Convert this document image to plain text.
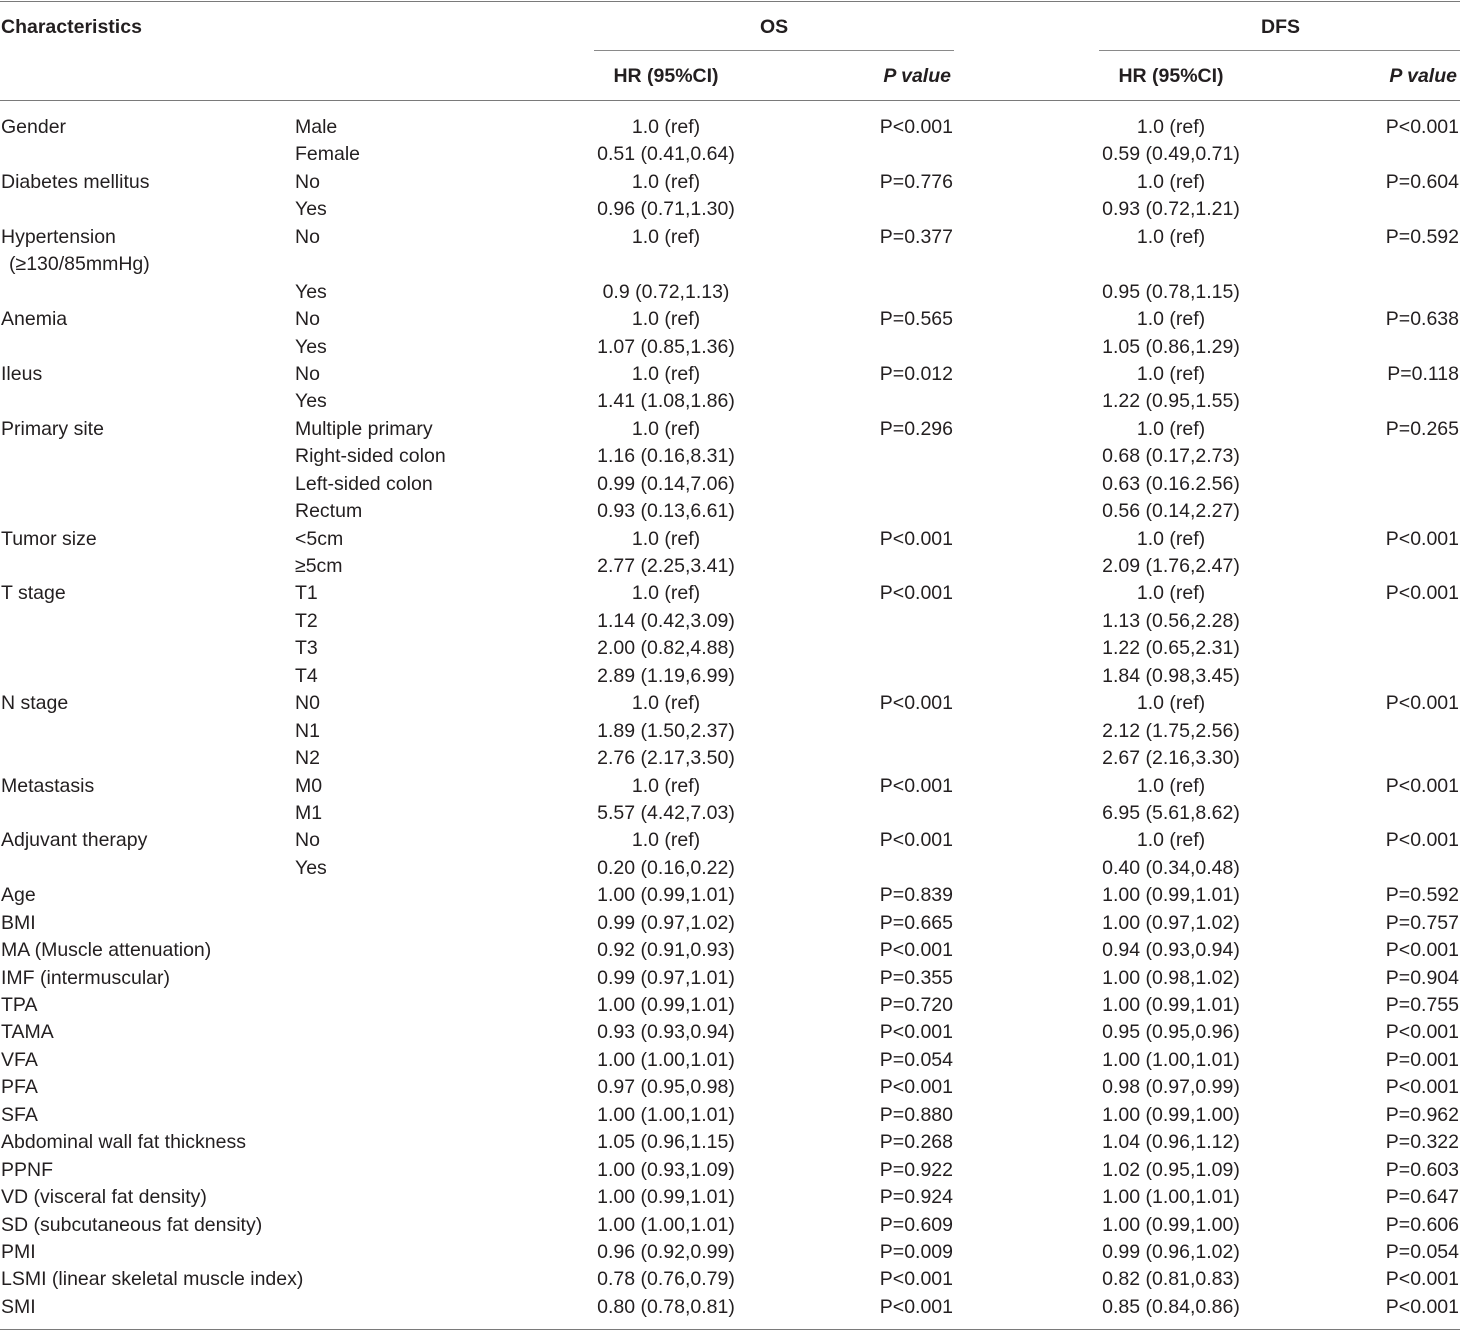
Characteristics	OS	DFS
HR (95%CI)	P value	HR (95%CI)	P value
Gender	Male	1.0 (ref)	P<0.001	1.0 (ref)	P<0.001
Female	0.51 (0.41,0.64)	0.59 (0.49,0.71)
Diabetes mellitus	No	1.0 (ref)	P=0.776	1.0 (ref)	P=0.604
Yes	0.96 (0.71,1.30)	0.93 (0.72,1.21)
Hypertension
(≥130/85mmHg)
No	1.0 (ref)	P=0.377	1.0 (ref)	P=0.592
Yes	0.9 (0.72,1.13)	0.95 (0.78,1.15)
Anemia	No	1.0 (ref)	P=0.565	1.0 (ref)	P=0.638
Yes	1.07 (0.85,1.36)	1.05 (0.86,1.29)
Ileus	No	1.0 (ref)	P=0.012	1.0 (ref)	P=0.118
Yes	1.41 (1.08,1.86)	1.22 (0.95,1.55)
Primary site	Multiple primary	1.0 (ref)	P=0.296	1.0 (ref)	P=0.265
Right-sided colon	1.16 (0.16,8.31)	0.68 (0.17,2.73)
Left-sided colon	0.99 (0.14,7.06)	0.63 (0.16.2.56)
Rectum	0.93 (0.13,6.61)	0.56 (0.14,2.27)
Tumor size	<5cm	1.0 (ref)	P<0.001	1.0 (ref)	P<0.001
≥5cm	2.77 (2.25,3.41)	2.09 (1.76,2.47)
T stage	T1	1.0 (ref)	P<0.001	1.0 (ref)	P<0.001
T2	1.14 (0.42,3.09)	1.13 (0.56,2.28)
T3	2.00 (0.82,4.88)	1.22 (0.65,2.31)
T4	2.89 (1.19,6.99)	1.84 (0.98,3.45)
N stage	N0	1.0 (ref)	P<0.001	1.0 (ref)	P<0.001
N1	1.89 (1.50,2.37)	2.12 (1.75,2.56)
N2	2.76 (2.17,3.50)	2.67 (2.16,3.30)
Metastasis	M0	1.0 (ref)	P<0.001	1.0 (ref)	P<0.001
M1	5.57 (4.42,7.03)	6.95 (5.61,8.62)
Adjuvant therapy	No	1.0 (ref)	P<0.001	1.0 (ref)	P<0.001
Yes	0.20 (0.16,0.22)	0.40 (0.34,0.48)
Age	1.00 (0.99,1.01)	P=0.839	1.00 (0.99,1.01)	P=0.592
BMI	0.99 (0.97,1.02)	P=0.665	1.00 (0.97,1.02)	P=0.757
MA (Muscle attenuation)	0.92 (0.91,0.93)	P<0.001	0.94 (0.93,0.94)	P<0.001
IMF (intermuscular)	0.99 (0.97,1.01)	P=0.355	1.00 (0.98,1.02)	P=0.904
TPA	1.00 (0.99,1.01)	P=0.720	1.00 (0.99,1.01)	P=0.755
TAMA	0.93 (0.93,0.94)	P<0.001	0.95 (0.95,0.96)	P<0.001
VFA	1.00 (1.00,1.01)	P=0.054	1.00 (1.00,1.01)	P=0.001
PFA	0.97 (0.95,0.98)	P<0.001	0.98 (0.97,0.99)	P<0.001
SFA	1.00 (1.00,1.01)	P=0.880	1.00 (0.99,1.00)	P=0.962
Abdominal wall fat thickness	1.05 (0.96,1.15)	P=0.268	1.04 (0.96,1.12)	P=0.322
PPNF	1.00 (0.93,1.09)	P=0.922	1.02 (0.95,1.09)	P=0.603
VD (visceral fat density)	1.00 (0.99,1.01)	P=0.924	1.00 (1.00,1.01)	P=0.647
SD (subcutaneous fat density)	1.00 (1.00,1.01)	P=0.609	1.00 (0.99,1.00)	P=0.606
PMI	0.96 (0.92,0.99)	P=0.009	0.99 (0.96,1.02)	P=0.054
LSMI (linear skeletal muscle index)	0.78 (0.76,0.79)	P<0.001	0.82 (0.81,0.83)	P<0.001
SMI	0.80 (0.78,0.81)	P<0.001	0.85 (0.84,0.86)	P<0.001
